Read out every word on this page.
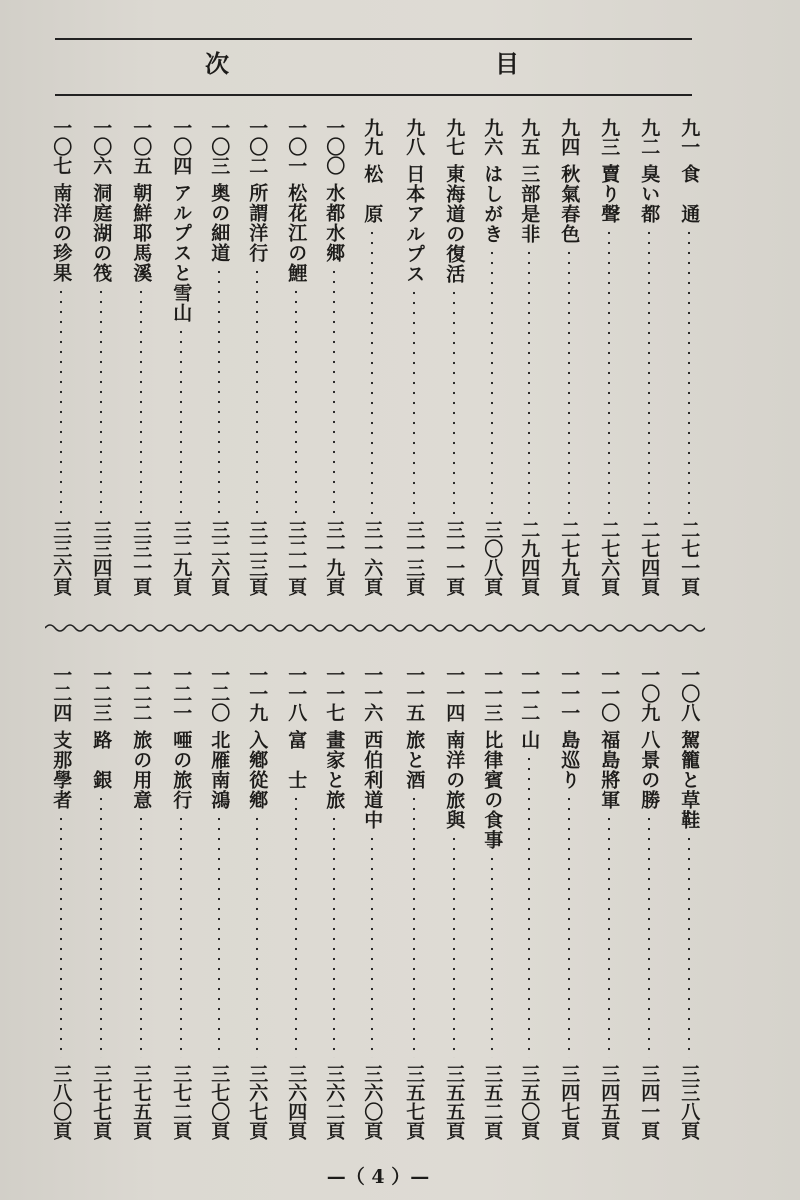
次	目
九一
食　通
二七一頁
九二
臭い都
二七四頁
九三
賣り聲
二七六頁
九四
秋氣春色
二七九頁
九五
三部是非
二九四頁
九六
はしがき
三〇八頁
九七
東海道の復活
三一一頁
九八
日本アルプス
三一三頁
九九
松　原
三一六頁
一〇〇
水都水郷
三一九頁
一〇一
松花江の鯉
三二一頁
一〇二
所謂洋行
三二三頁
一〇三
奥の細道
三二六頁
一〇四
アルプスと雪山
三二九頁
一〇五
朝鮮耶馬溪
三三一頁
一〇六
洞庭湖の筏
三三四頁
一〇七
南洋の珍果
三三六頁
一〇八
駕籠と草鞋
三三八頁
一〇九
八景の勝
三四一頁
一一〇
福島將軍
三四五頁
一一一
島巡り
三四七頁
一一二
山
三五〇頁
一一三
比律賓の食事
三五二頁
一一四
南洋の旅與
三五五頁
一一五
旅と酒
三五七頁
一一六
西伯利道中
三六〇頁
一一七
畫家と旅
三六二頁
一一八
富　士
三六四頁
一一九
入鄕從鄕
三六七頁
一二〇
北雁南鴻
三七〇頁
一二一
唖の旅行
三七二頁
一二二
旅の用意
三七五頁
一二三
路　銀
三七七頁
一二四
支那學者
三八〇頁
—（ 4 ）—
